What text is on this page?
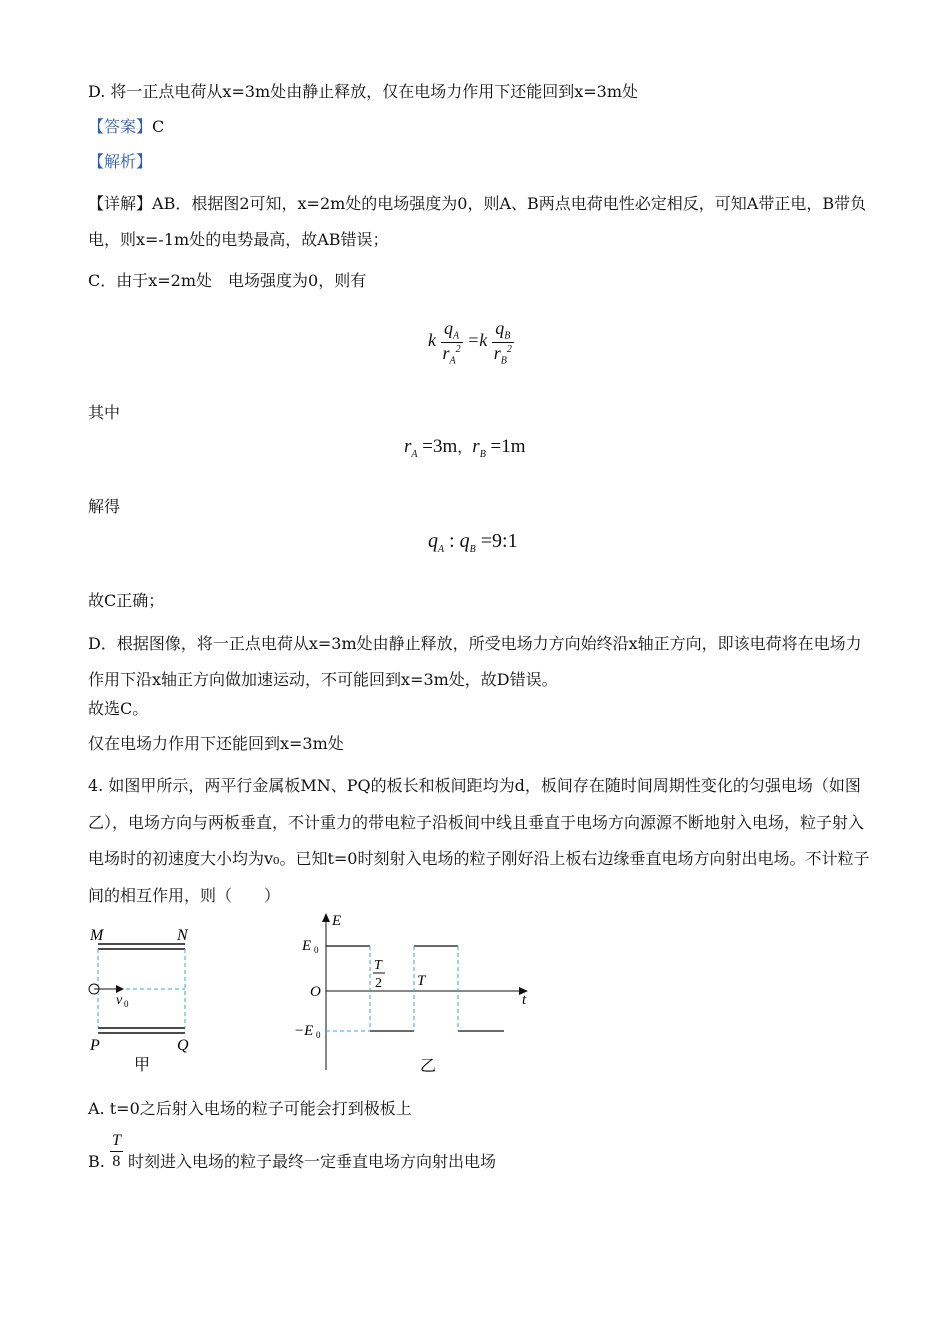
D. 将一正点电荷从x=3m处由静止释放，仅在电场力作用下还能回到x=3m处
【答案】C
【解析】
【详解】AB．根据图2可知，x=2m处的电场强度为0，则A、B两点电荷电性必定相反，可知A带正电，B带负电，则x=-1m处的电势最高，故AB错误；
C．由于x=2m处　电场强度为0，则有
k $\frac{q_A}{r_A^2} =k \frac{q_B}{r_B^2}$
其中
$r_A =3m$，$r_B =1m$
解得
$q_A$ : $q_B$ =9:1
故C正确；
D．根据图像，将一正点电荷从x=3m处由静止释放，所受电场力方向始终沿x轴正方向，即该电荷将在电场力作用下沿x轴正方向做加速运动，不可能回到x=3m处，故D错误。
故选C。
仅在电场力作用下还能回到x=3m处
4. 如图甲所示，两平行金属板MN、PQ的板长和板间距均为d，板间存在随时间周期性变化的匀强电场（如图乙），电场方向与两板垂直，不计重力的带电粒子沿板间中线且垂直于电场方向源源不断地射入电场，粒子射入电场时的初速度大小均为v₀。已知t=0时刻射入电场的粒子刚好沿上板右边缘垂直电场方向射出电场。不计粒子间的相互作用，则（　　）
M	N
P	Q
v 0
甲
E
E 0
O	t
−E 0
T
2 T
乙
A. t=0之后射入电场的粒子可能会打到极板上
B. $\frac{T}{8}$ 时刻进入电场的粒子最终一定垂直电场方向射出电场
